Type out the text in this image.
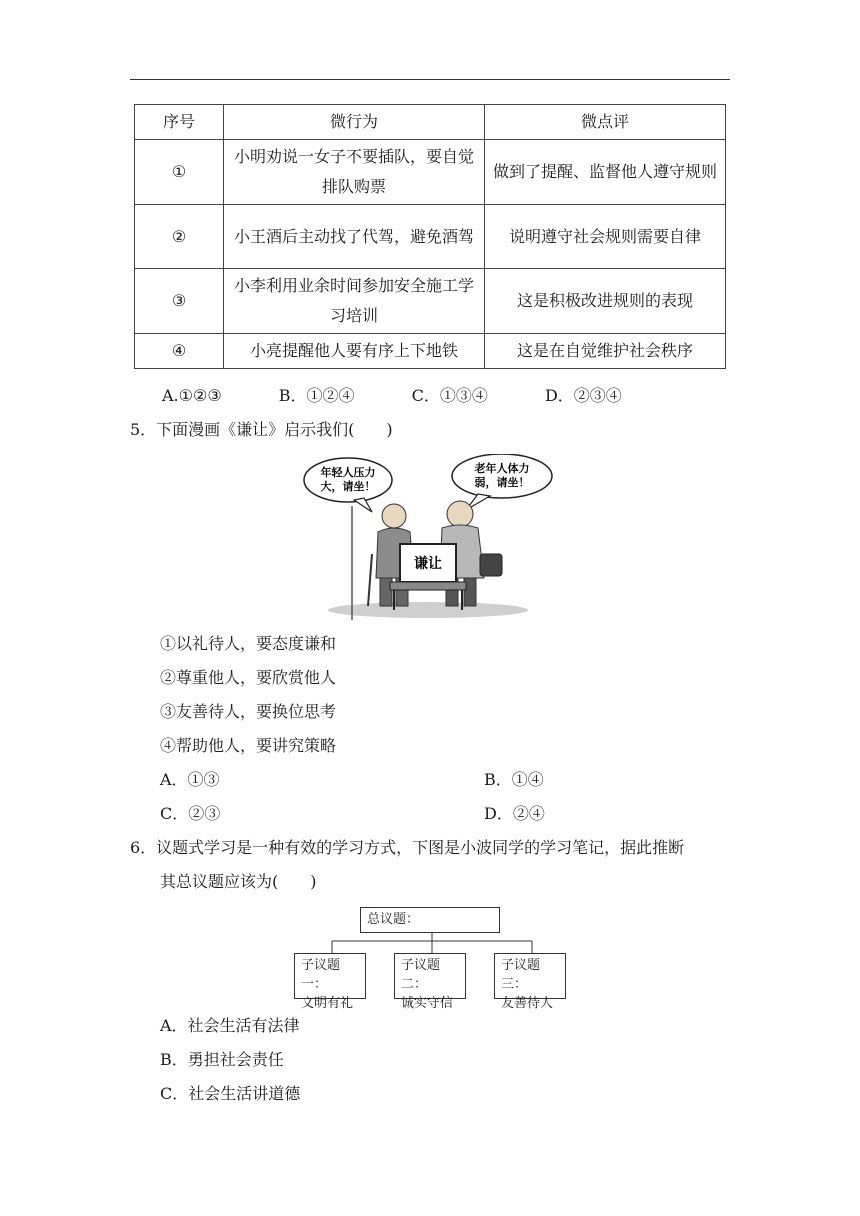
序号	微行为	微点评
①	小明劝说一女子不要插队，要自觉排队购票	做到了提醒、监督他人遵守规则
②	小王酒后主动找了代驾，避免酒驾	说明遵守社会规则需要自律
③	小李利用业余时间参加安全施工学习培训	这是积极改进规则的表现
④	小亮提醒他人要有序上下地铁	这是在自觉维护社会秩序
A.①②③	B．①②④	C．①③④	D．②③④
5．下面漫画《谦让》启示我们(　　)
年轻人压力
大，请坐！
老年人体力
弱，请坐！
谦让
①以礼待人，要态度谦和
②尊重他人，要欣赏他人
③友善待人，要换位思考
④帮助他人，要讲究策略
A．①③	B．①④
C．②③	D．②④
6．议题式学习是一种有效的学习方式，下图是小波同学的学习笔记，据此推断
其总议题应该为(　　)
总议题：
子议题一：
文明有礼
子议题二：
诚实守信
子议题三：
友善待人
A．社会生活有法律
B．勇担社会责任
C．社会生活讲道德
